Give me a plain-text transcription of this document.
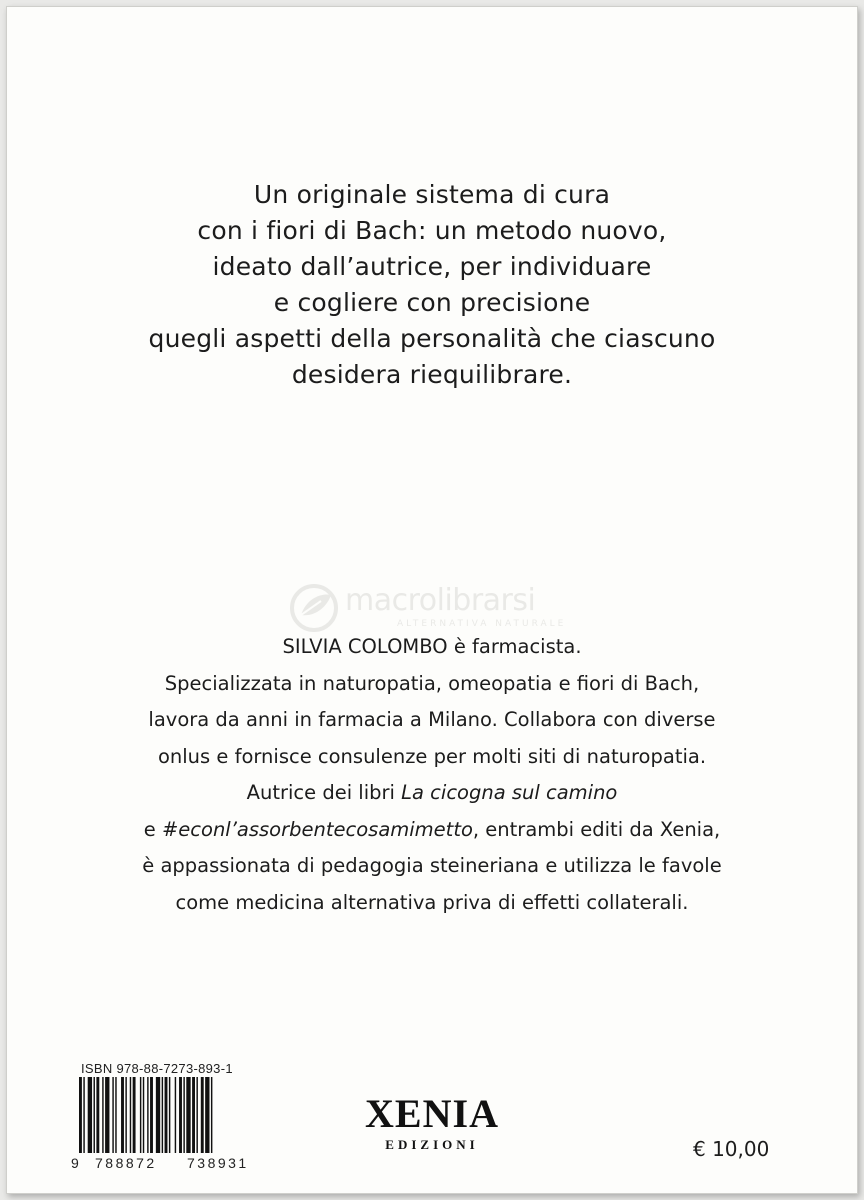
Un originale sistema di cura
con i fiori di Bach: un metodo nuovo,
ideato dall’autrice, per individuare
e cogliere con precisione
quegli aspetti della personalità che ciascuno
desidera riequilibrare.
macrolibrarsi
ALTERNATIVA NATURALE
SILVIA COLOMBO è farmacista.
Specializzata in naturopatia, omeopatia e fiori di Bach,
lavora da anni in farmacia a Milano. Collabora con diverse
onlus e fornisce consulenze per molti siti di naturopatia.
Autrice dei libri La cicogna sul camino
e #econl’assorbentecosamimetto, entrambi editi da Xenia,
è appassionata di pedagogia steineriana e utilizza le favole
come medicina alternativa priva di effetti collaterali.
ISBN 978-88-7273-893-1
9 788872 738931
XENIA
EDIZIONI	€ 10,00
